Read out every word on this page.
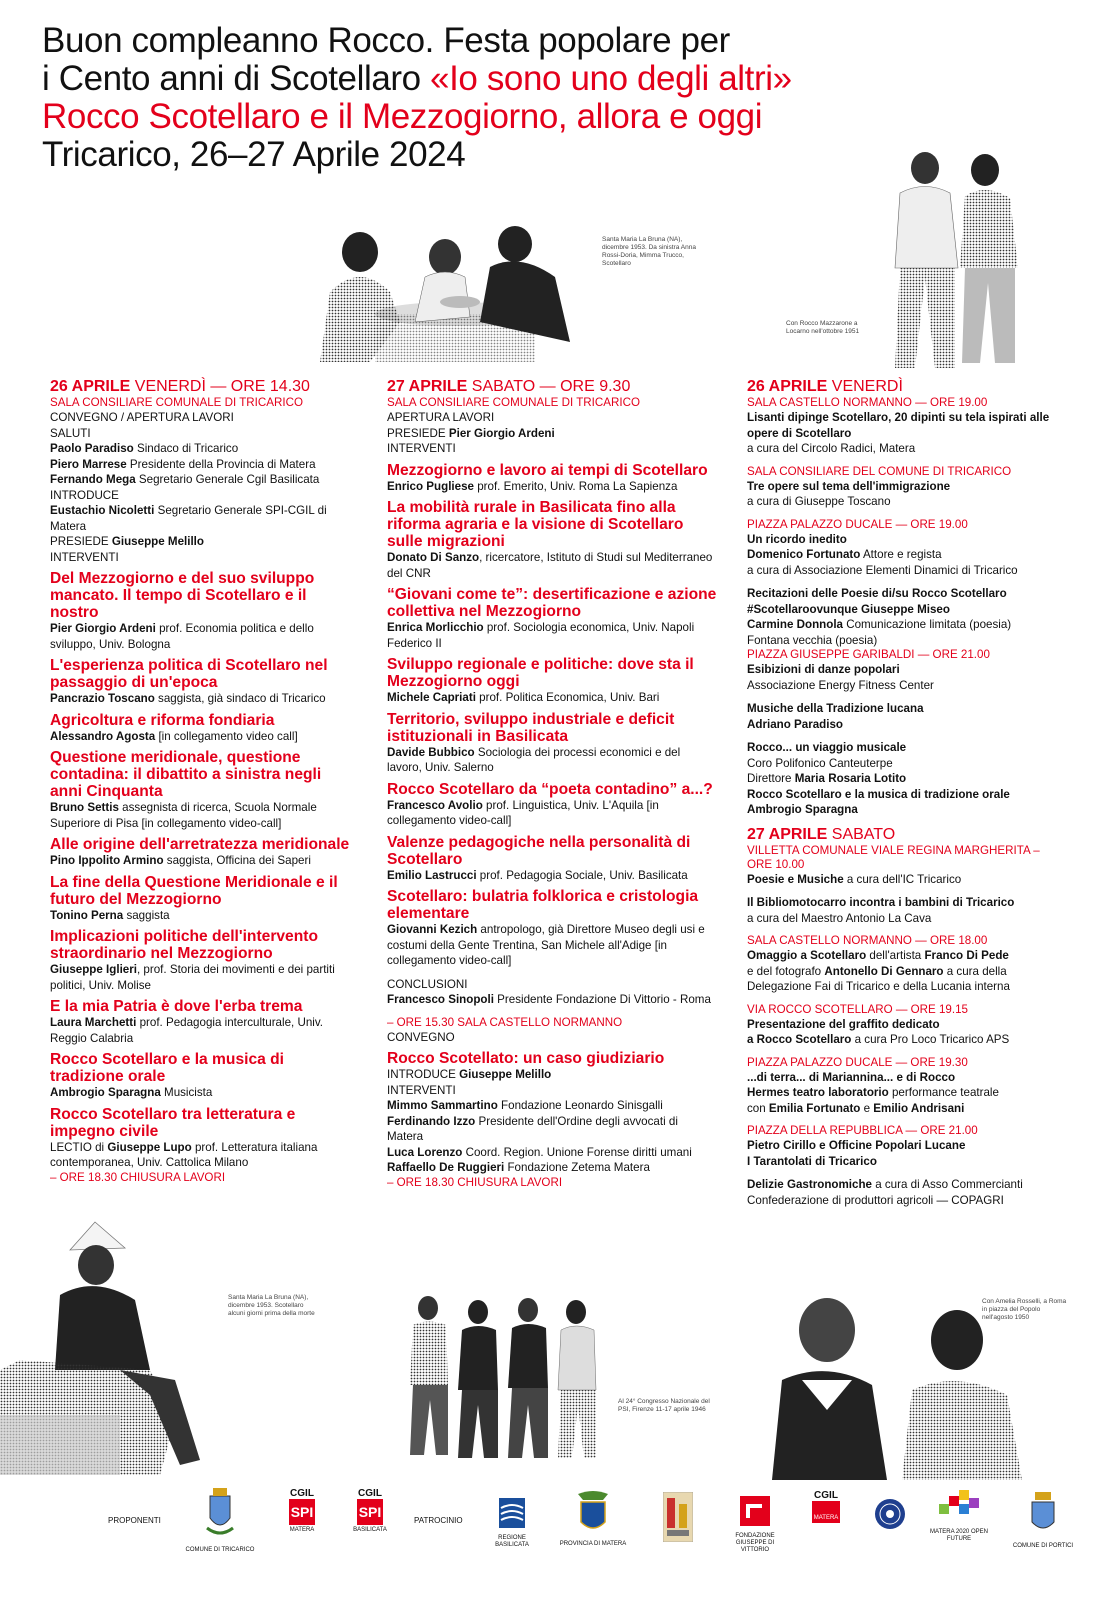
Buon compleanno Rocco. Festa popolare per
i Cento anni di Scotellaro «Io sono uno degli altri»
Rocco Scotellaro e il Mezzogiorno, allora e oggi
Tricarico, 26–27 Aprile 2024
Santa Maria La Bruna (NA), dicembre 1953. Da sinistra Anna Rossi-Doria, Mimma Trucco, Scotellaro
Con Rocco Mazzarone a Locarno nell'ottobre 1951
26 APRILE VENERDÌ — ORE 14.30
SALA CONSILIARE COMUNALE DI TRICARICO
CONVEGNO / APERTURA LAVORI
SALUTI
Paolo Paradiso Sindaco di Tricarico
Piero Marrese Presidente della Provincia di Matera
Fernando Mega Segretario Generale Cgil Basilicata
INTRODUCE
Eustachio Nicoletti Segretario Generale SPI-CGIL di Matera
PRESIEDE Giuseppe Melillo
INTERVENTI
Del Mezzogiorno e del suo sviluppo mancato. Il tempo di Scotellaro e il nostro
Pier Giorgio Ardeni prof. Economia politica e dello sviluppo, Univ. Bologna
L'esperienza politica di Scotellaro nel passaggio di un'epoca
Pancrazio Toscano saggista, già sindaco di Tricarico
Agricoltura e riforma fondiaria
Alessandro Agosta [in collegamento video call]
Questione meridionale, questione contadina: il dibattito a sinistra negli anni Cinquanta
Bruno Settis assegnista di ricerca, Scuola Normale Superiore di Pisa [in collegamento video-call]
Alle origine dell'arretratezza meridionale
Pino Ippolito Armino saggista, Officina dei Saperi
La fine della Questione Meridionale e il futuro del Mezzogiorno
Tonino Perna saggista
Implicazioni politiche dell'intervento straordinario nel Mezzogiorno
Giuseppe Iglieri, prof. Storia dei movimenti e dei partiti politici, Univ. Molise
E la mia Patria è dove l'erba trema
Laura Marchetti prof. Pedagogia interculturale, Univ. Reggio Calabria
Rocco Scotellaro e la musica di tradizione orale
Ambrogio Sparagna Musicista
Rocco Scotellaro tra letteratura e impegno civile
LECTIO di Giuseppe Lupo prof. Letteratura italiana contemporanea, Univ. Cattolica Milano
– ORE 18.30 CHIUSURA LAVORI
27 APRILE SABATO — ORE 9.30
SALA CONSILIARE COMUNALE DI TRICARICO
APERTURA LAVORI
PRESIEDE Pier Giorgio Ardeni
INTERVENTI
Mezzogiorno e lavoro ai tempi di Scotellaro
Enrico Pugliese prof. Emerito, Univ. Roma La Sapienza
La mobilità rurale in Basilicata fino alla riforma agraria e la visione di Scotellaro sulle migrazioni
Donato Di Sanzo, ricercatore, Istituto di Studi sul Mediterraneo del CNR
“Giovani come te”: desertificazione e azione collettiva nel Mezzogiorno
Enrica Morlicchio prof. Sociologia economica, Univ. Napoli Federico II
Sviluppo regionale e politiche: dove sta il Mezzogiorno oggi
Michele Capriati prof. Politica Economica, Univ. Bari
Territorio, sviluppo industriale e deficit istituzionali in Basilicata
Davide Bubbico Sociologia dei processi economici e del lavoro, Univ. Salerno
Rocco Scotellaro da “poeta contadino” a...?
Francesco Avolio prof. Linguistica, Univ. L'Aquila [in collegamento video-call]
Valenze pedagogiche nella personalità di Scotellaro
Emilio Lastrucci prof. Pedagogia Sociale, Univ. Basilicata
Scotellaro: bulatria folklorica e cristologia elementare
Giovanni Kezich antropologo, già Direttore Museo degli usi e costumi della Gente Trentina, San Michele all'Adige [in collegamento video-call]
CONCLUSIONI
Francesco Sinopoli Presidente Fondazione Di Vittorio - Roma
– ORE 15.30 SALA CASTELLO NORMANNO
CONVEGNO
Rocco Scotellato: un caso giudiziario
INTRODUCE Giuseppe Melillo
INTERVENTI
Mimmo Sammartino Fondazione Leonardo Sinisgalli
Ferdinando Izzo Presidente dell'Ordine degli avvocati di Matera
Luca Lorenzo Coord. Region. Unione Forense diritti umani
Raffaello De Ruggieri Fondazione Zetema Matera
– ORE 18.30 CHIUSURA LAVORI
26 APRILE VENERDÌ
SALA CASTELLO NORMANNO — ORE 19.00
Lisanti dipinge Scotellaro, 20 dipinti su tela ispirati alle opere di Scotellaro
a cura del Circolo Radici, Matera
SALA CONSILIARE DEL COMUNE DI TRICARICO
Tre opere sul tema dell'immigrazione
a cura di Giuseppe Toscano
PIAZZA PALAZZO DUCALE — ORE 19.00
Un ricordo inedito
Domenico Fortunato Attore e regista
a cura di Associazione Elementi Dinamici di Tricarico
Recitazioni delle Poesie di/su Rocco Scotellaro
#Scotellaroovunque Giuseppe Miseo
Carmine Donnola Comunicazione limitata (poesia)
Fontana vecchia (poesia)
PIAZZA GIUSEPPE GARIBALDI — ORE 21.00
Esibizioni di danze popolari
Associazione Energy Fitness Center
Musiche della Tradizione lucana
Adriano Paradiso
Rocco... un viaggio musicale
Coro Polifonico Canteuterpe
Direttore Maria Rosaria Lotito
Rocco Scotellaro e la musica di tradizione orale
Ambrogio Sparagna
27 APRILE SABATO
VILLETTA COMUNALE VIALE REGINA MARGHERITA – ORE 10.00
Poesie e Musiche a cura dell'IC Tricarico
Il Bibliomotocarro incontra i bambini di Tricarico
a cura del Maestro Antonio La Cava
SALA CASTELLO NORMANNO — ORE 18.00
Omaggio a Scotellaro dell'artista Franco Di Pede
e del fotografo Antonello Di Gennaro a cura della Delegazione Fai di Tricarico e della Lucania interna
VIA ROCCO SCOTELLARO — ORE 19.15
Presentazione del graffito dedicato
a Rocco Scotellaro a cura Pro Loco Tricarico APS
PIAZZA PALAZZO DUCALE — ORE 19.30
...di terra... di Mariannina... e di Rocco
Hermes teatro laboratorio performance teatrale
con Emilia Fortunato e Emilio Andrisani
PIAZZA DELLA REPUBBLICA — ORE 21.00
Pietro Cirillo e Officine Popolari Lucane
I Tarantolati di Tricarico
Delizie Gastronomiche a cura di Asso Commercianti
Confederazione di produttori agricoli — COPAGRI
Santa Maria La Bruna (NA), dicembre 1953. Scotellaro alcuni giorni prima della morte
Al 24° Congresso Nazionale del PSI, Firenze 11-17 aprile 1946
Con Amelia Rosselli, a Roma in piazza del Popolo nell'agosto 1950
PROPONENTI	PATROCINIO
COMUNE DI TRICARICO
CGIL
SPI
MATERA
CGIL
SPI
BASILICATA
REGIONE BASILICATA	PROVINCIA DI MATERA
FONDAZIONE GIUSEPPE DI VITTORIO
CGIL
MATERA
MATERA 2020 OPEN FUTURE
COMUNE DI PORTICI
